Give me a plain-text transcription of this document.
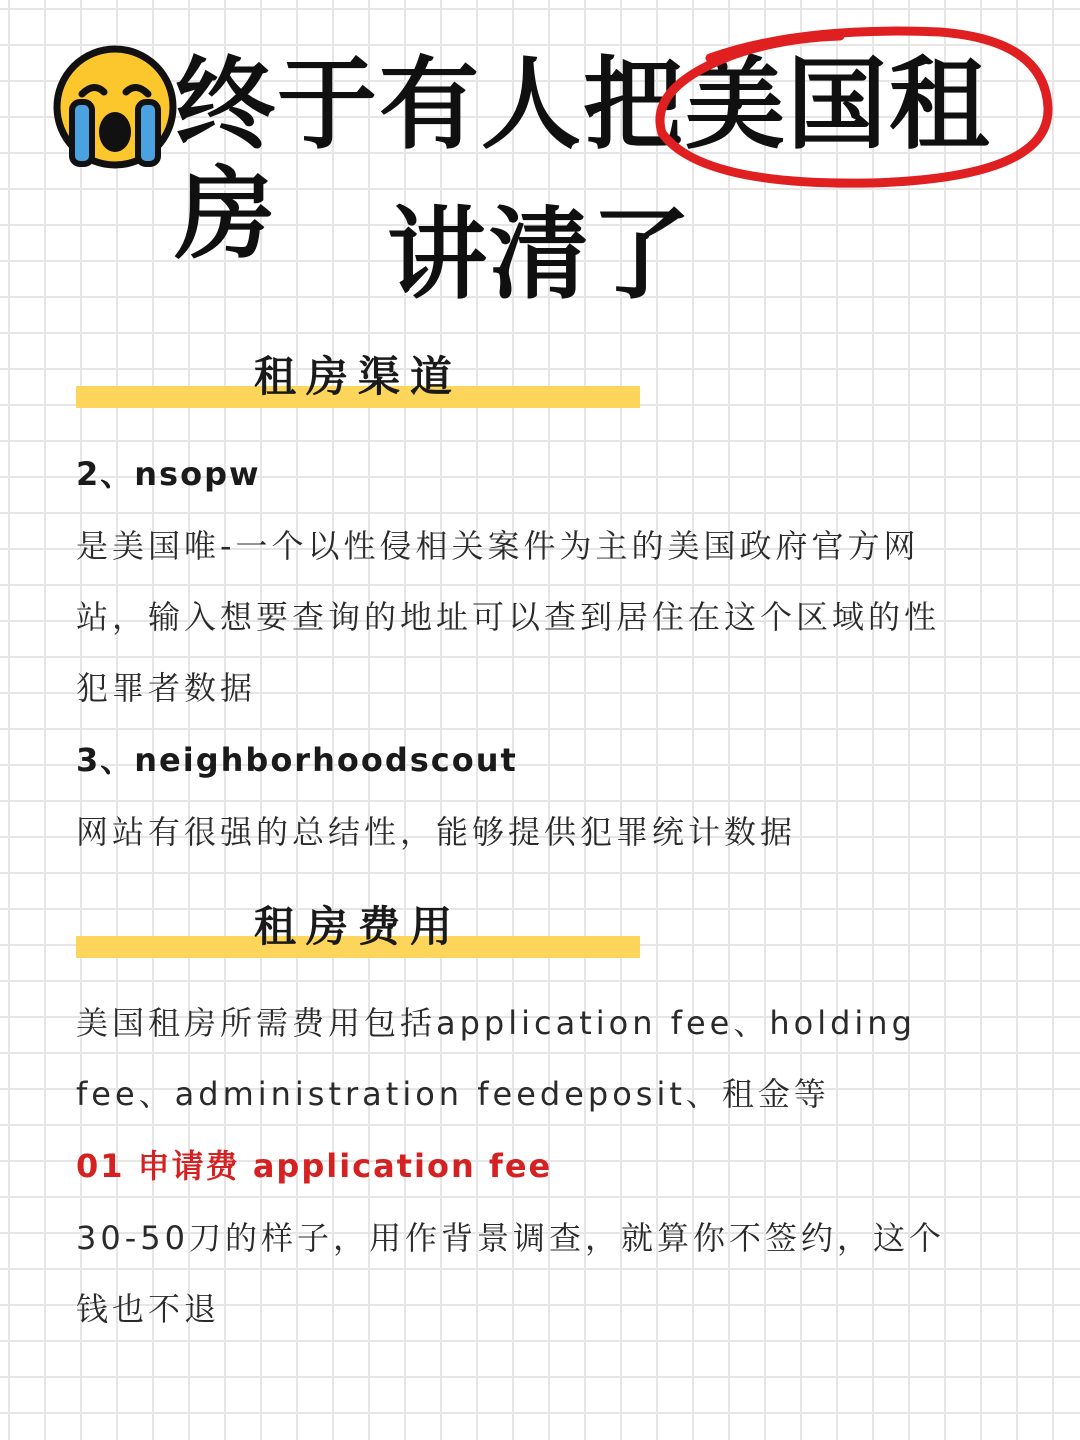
终于有人把美国租房	讲清了
租房渠道
2、nsopw
是美国唯-一个以性侵相关案件为主的美国政府官方网
站，输入想要查询的地址可以查到居住在这个区域的性
犯罪者数据
3、neighborhoodscout
网站有很强的总结性，能够提供犯罪统计数据
租房费用
美国租房所需费用包括application fee、holding
fee、administration feedeposit、租金等
01 申请费 application fee
30-50刀的样子，用作背景调查，就算你不签约，这个
钱也不退
